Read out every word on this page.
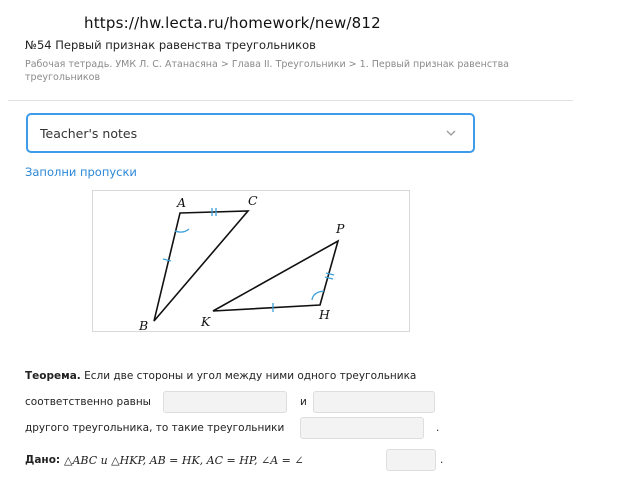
https://hw.lecta.ru/homework/new/812
№54 Первый признак равенства треугольников
Рабочая тетрадь. УМК Л. С. Атанасяна > Глава II. Треугольники > 1. Первый признак равенства треугольников
Teacher's notes
Заполни пропуски
A	C
B
P
K	H
Теорема. Если две стороны и угол между ними одного треугольника
соответственно равны	и
другого треугольника, то такие треугольники	.
Дано: △ABC и △HKP, AB = HK, AC = HP, ∠A = ∠	.
